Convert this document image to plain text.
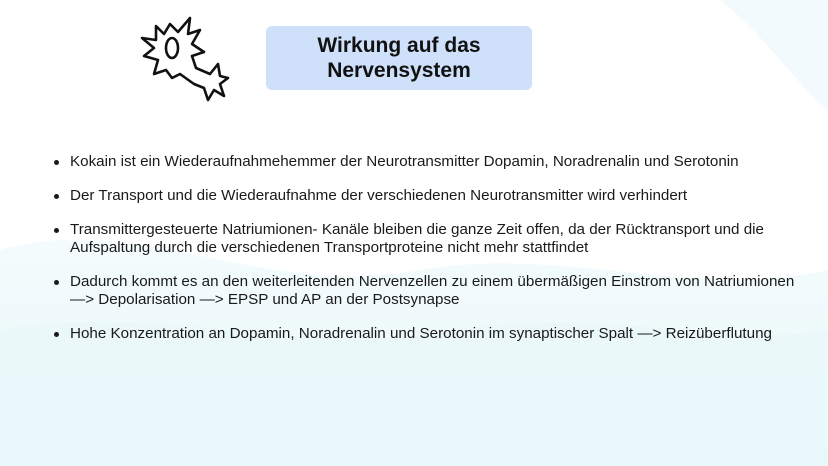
Wirkung auf das
Nervensystem

Kokain ist ein Wiederaufnahmehemmer der Neurotransmitter Dopamin, Noradrenalin und Serotonin
Der Transport und die Wiederaufnahme der verschiedenen Neurotransmitter wird verhindert
Transmittergesteuerte Natriumionen- Kanäle bleiben die ganze Zeit offen, da der Rücktransport und die Aufspaltung durch die verschiedenen Transportproteine nicht mehr stattfindet
Dadurch kommt es an den weiterleitenden Nervenzellen zu einem übermäßigen Einstrom von Natriumionen —> Depolarisation —> EPSP und AP an der Postsynapse
Hohe Konzentration an Dopamin, Noradrenalin und Serotonin im synaptischer Spalt —> Reizüberflutung
